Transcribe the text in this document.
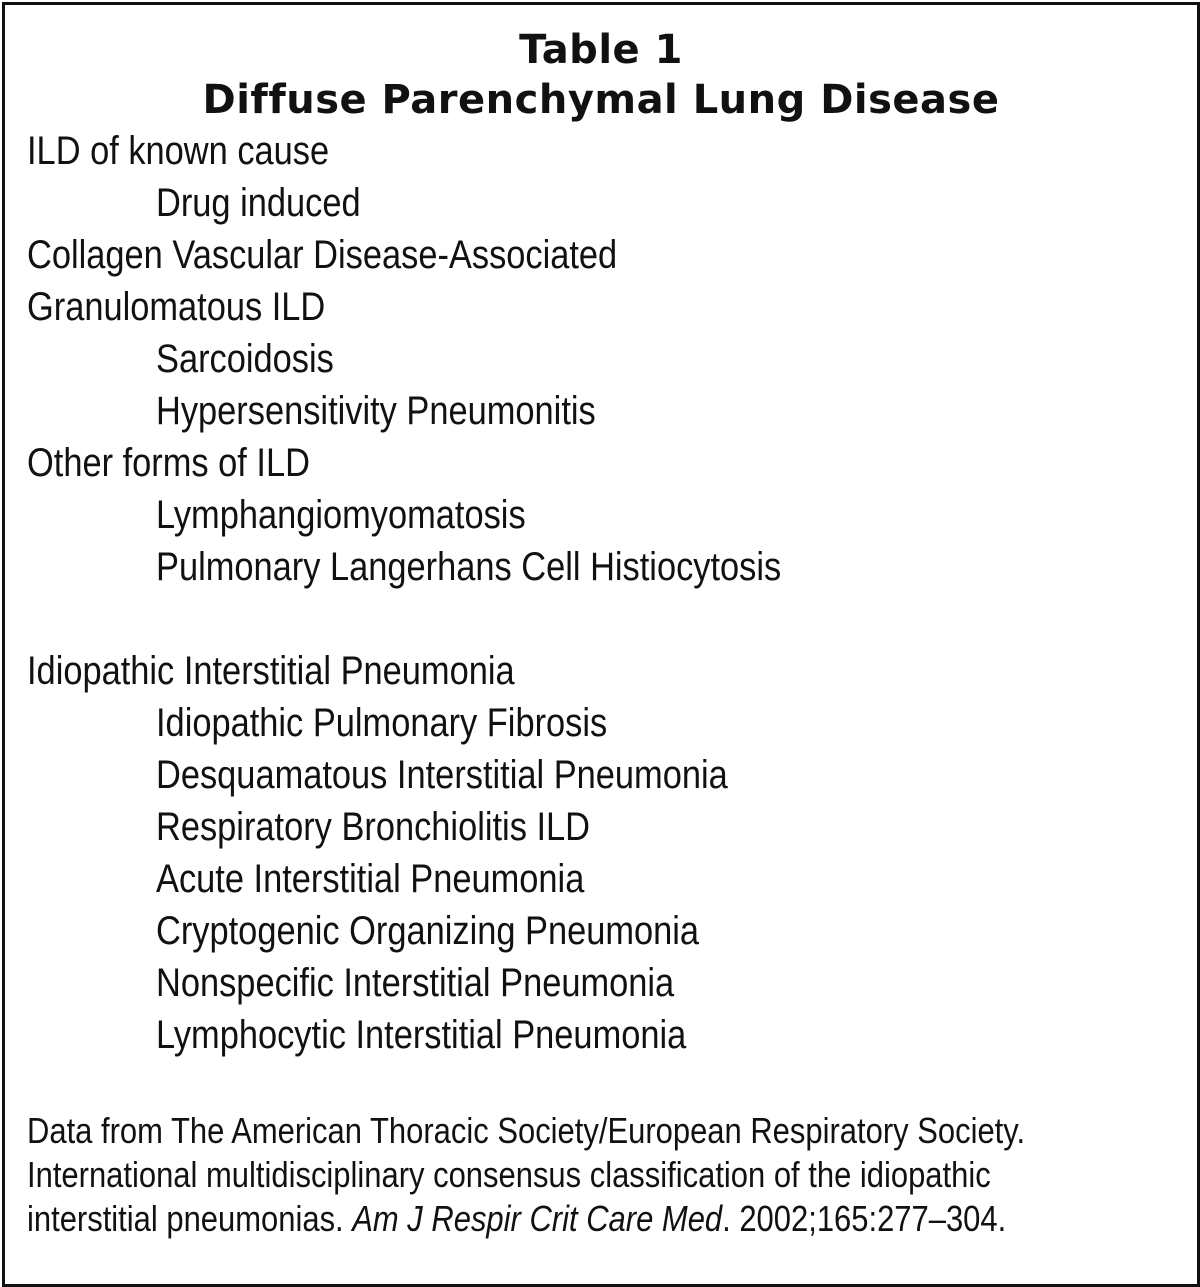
Table 1
Diffuse Parenchymal Lung Disease
ILD of known cause
Drug induced
Collagen Vascular Disease-Associated
Granulomatous ILD
Sarcoidosis
Hypersensitivity Pneumonitis
Other forms of ILD
Lymphangiomyomatosis
Pulmonary Langerhans Cell Histiocytosis
Idiopathic Interstitial Pneumonia
Idiopathic Pulmonary Fibrosis
Desquamatous Interstitial Pneumonia
Respiratory Bronchiolitis ILD
Acute Interstitial Pneumonia
Cryptogenic Organizing Pneumonia
Nonspecific Interstitial Pneumonia
Lymphocytic Interstitial Pneumonia
Data from The American Thoracic Society/European Respiratory Society.
International multidisciplinary consensus classification of the idiopathic
interstitial pneumonias. Am J Respir Crit Care Med. 2002;165:277–304.
